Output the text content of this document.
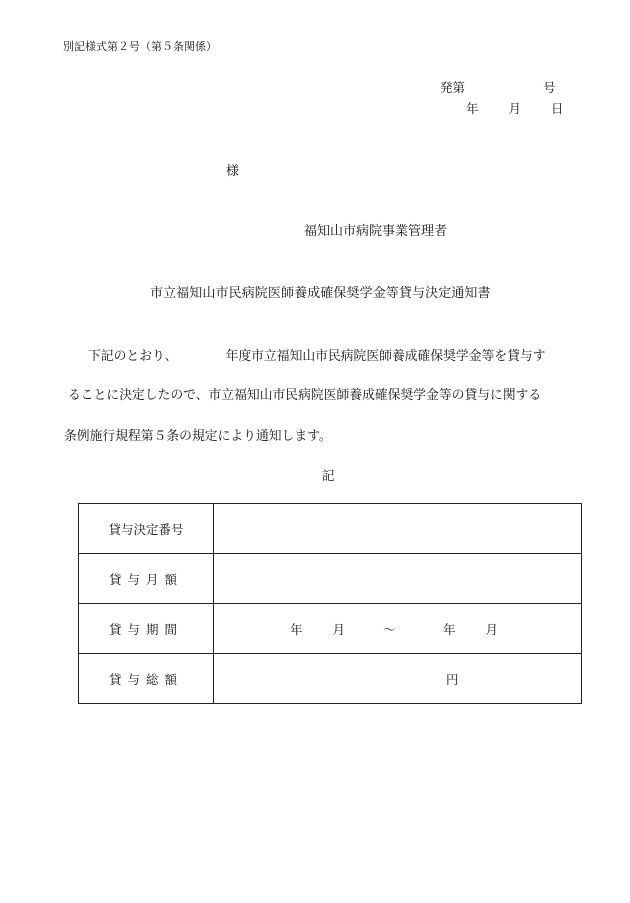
別記様式第２号（第５条関係）
発第	号
年 月 日
様
福知山市病院事業管理者
市立福知山市民病院医師養成確保奨学金等貸与決定通知書
下記のとおり、	年度市立福知山市民病院医師養成確保奨学金等を貸与す
ることに決定したので、市立福知山市民病院医師養成確保奨学金等の貸与に関する
条例施行規程第５条の規定により通知します。
記
貸与決定番号	
貸与月額	
貸与期間	年 月 ～ 年 月

貸与総額	円
